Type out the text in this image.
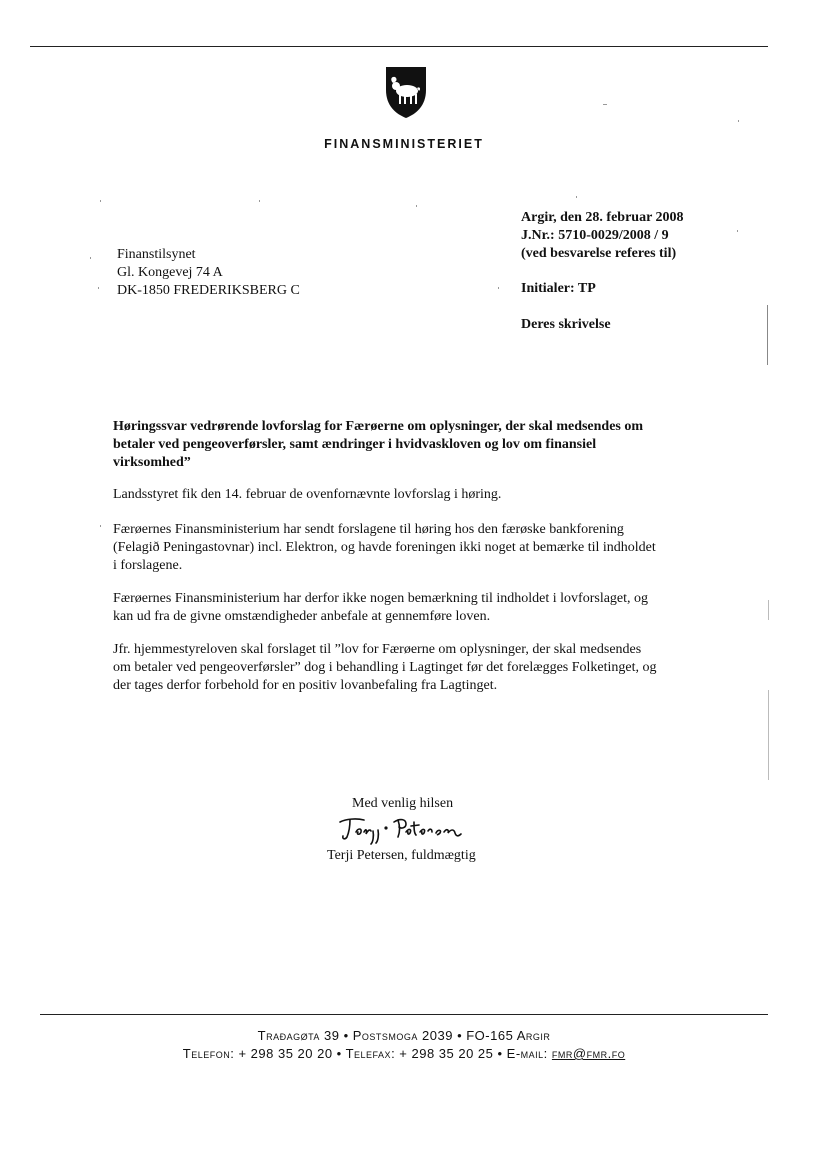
FINANSMINISTERIET
Finanstilsynet
Gl. Kongevej 74 A
DK-1850 FREDERIKSBERG C
Argir, den 28. februar 2008
J.Nr.: 5710-0029/2008 / 9
(ved besvarelse referes til)
Initialer: TP
Deres skrivelse
Høringssvar vedrørende lovforslag for Færøerne om oplysninger, der skal medsendes om
betaler ved pengeoverførsler, samt ændringer i hvidvaskloven og lov om finansiel
virksomhed”
Landsstyret fik den 14. februar de ovenfornævnte lovforslag i høring.
Færøernes Finansministerium har sendt forslagene til høring hos den færøske bankforening
(Felagið Peningastovnar) incl. Elektron, og havde foreningen ikki noget at bemærke til indholdet
i forslagene.
Færøernes Finansministerium har derfor ikke nogen bemærkning til indholdet i lovforslaget, og
kan ud fra de givne omstændigheder anbefale at gennemføre loven.
Jfr. hjemmestyreloven skal forslaget til ”lov for Færøerne om oplysninger, der skal medsendes
om betaler ved pengeoverførsler” dog i behandling i Lagtinget før det forelægges Folketinget, og
der tages derfor forbehold for en positiv lovanbefaling fra Lagtinget.
Med venlig hilsen
Terji Petersen, fuldmægtig
Traðagøta 39 • Postsmoga 2039 • FO-165 Argir
Telefon: + 298 35 20 20 • Telefax: + 298 35 20 25 • E-mail: fmr@fmr.fo
